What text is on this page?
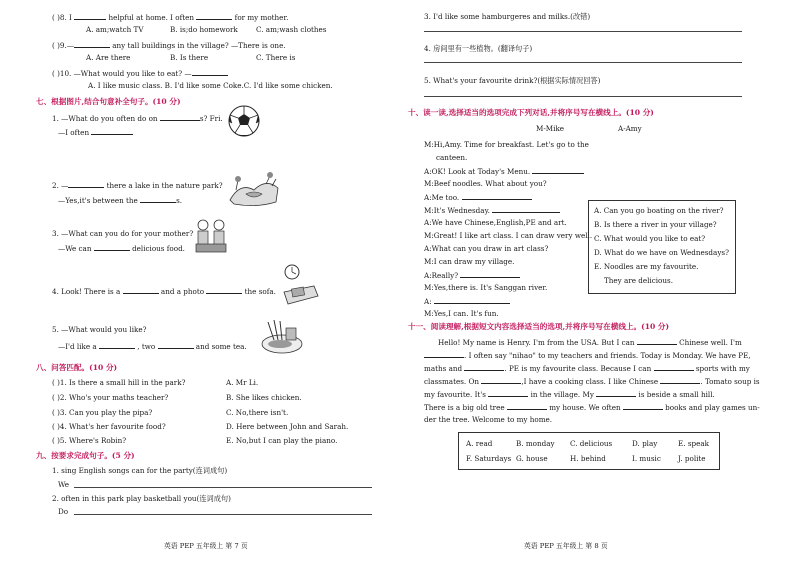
( )8. I	helpful at home. I often	for my mother.
A. am;watch TV	B. is;do homework	C. am;wash clothes
( )9.—	any tall buildings in the village? —There is one.
A. Are there	B. Is there	C. There is
( )10. —What would you like to eat? —
A. I like music class. B. I'd like some Coke.C. I'd like some chicken.
七、根据图片,结合句意补全句子。(10 分)
1. —What do you often do on	s? Fri.
—I often
2. —	there a lake in the nature park?
—Yes,it's between the	s.
3. —What can you do for your mother?
—We can	delicious food.
4. Look! There is a	and a photo	the sofa.
5. —What would you like?
—I'd like a	, two	and some tea.
八、问答匹配。(10 分)
( )1. Is there a small hill in the park?	A. Mr Li.
( )2. Who's your maths teacher?	B. She likes chicken.
( )3. Can you play the pipa?	C. No,there isn't.
( )4. What's her favourite food?	D. Here between John and Sarah.
( )5. Where's Robin?	E. No,but I can play the piano.
九、按要求完成句子。(5 分)
1. sing English songs can for the party(连词成句)
We
2. often in this park play basketball you(连词成句)
Do
英语 PEP 五年级上 第 7 页
3. I'd like some hamburgeres and milks.(改错)
4. 房间里有一些植物。(翻译句子)
5. What's your favourite drink?(根据实际情况回答)
十、读一读,选择适当的选项完成下列对话,并将序号写在横线上。(10 分)
M-Mike	A-Amy
M:Hi,Amy. Time for breakfast. Let's go to the
canteen.
A:OK! Look at Today's Menu.
M:Beef noodles. What about you?
A:Me too.
M:It's Wednesday.
A:We have Chinese,English,PE and art.
M:Great! I like art class. I can draw very well.
A:What can you draw in art class?
M:I can draw my village.
A:Really?
M:Yes,there is. It's Sanggan river.
A:
M:Yes,I can. It's fun.
A. Can you go boating on the river?
B. Is there a river in your village?
C. What would you like to eat?
D. What do we have on Wednesdays?
E. Noodles are my favourite.
They are delicious.
十一、阅读理解,根据短文内容选择适当的选项,并将序号写在横线上。(10 分)
Hello! My name is Henry. I'm from the USA. But I can	Chinese well. I'm
. I often say "nihao" to my teachers and friends. Today is Monday. We have PE,
maths and	. PE is my favourite class. Because I can	sports with my
classmates. On	,I have a cooking class. I like Chinese	. Tomato soup is
my favourite. It's	in the village. My	is beside a small hill.
There is a big old tree	my house. We often	books and play games un-
der the tree. Welcome to my home.
A. read	B. monday C. delicious	D. play	E. speak
F. Saturdays G. house	H. behind	I. music J. polite
英语 PEP 五年级上 第 8 页
